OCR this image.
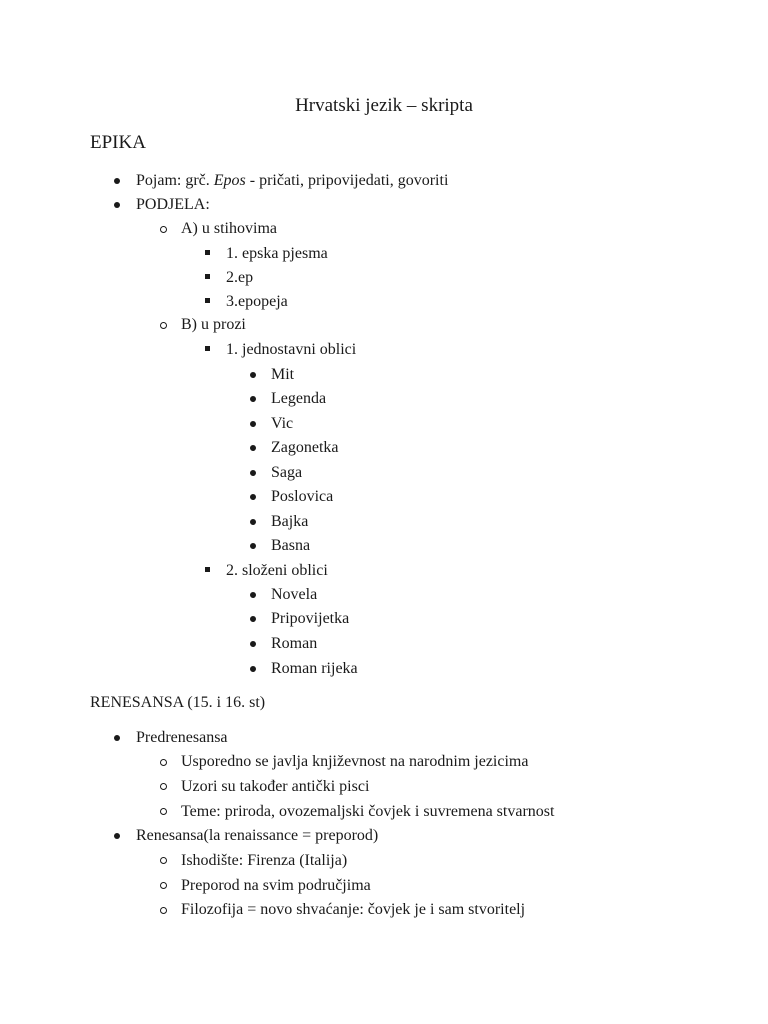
Hrvatski jezik – skripta
EPIKA
Pojam: grč. Epos - pričati, pripovijedati, govoriti
PODJELA:
A) u stihovima
1. epska pjesma
2.ep
3.epopeja
B) u prozi
1. jednostavni oblici
Mit
Legenda
Vic
Zagonetka
Saga
Poslovica
Bajka
Basna
2. složeni oblici
Novela
Pripovijetka
Roman
Roman rijeka
RENESANSA (15. i 16. st)
Predrenesansa
Usporedno se javlja književnost na narodnim jezicima
Uzori su također antički pisci
Teme: priroda, ovozemaljski čovjek i suvremena stvarnost
Renesansa(la renaissance = preporod)
Ishodište: Firenza (Italija)
Preporod na svim područjima
Filozofija = novo shvaćanje: čovjek je i sam stvoritelj
